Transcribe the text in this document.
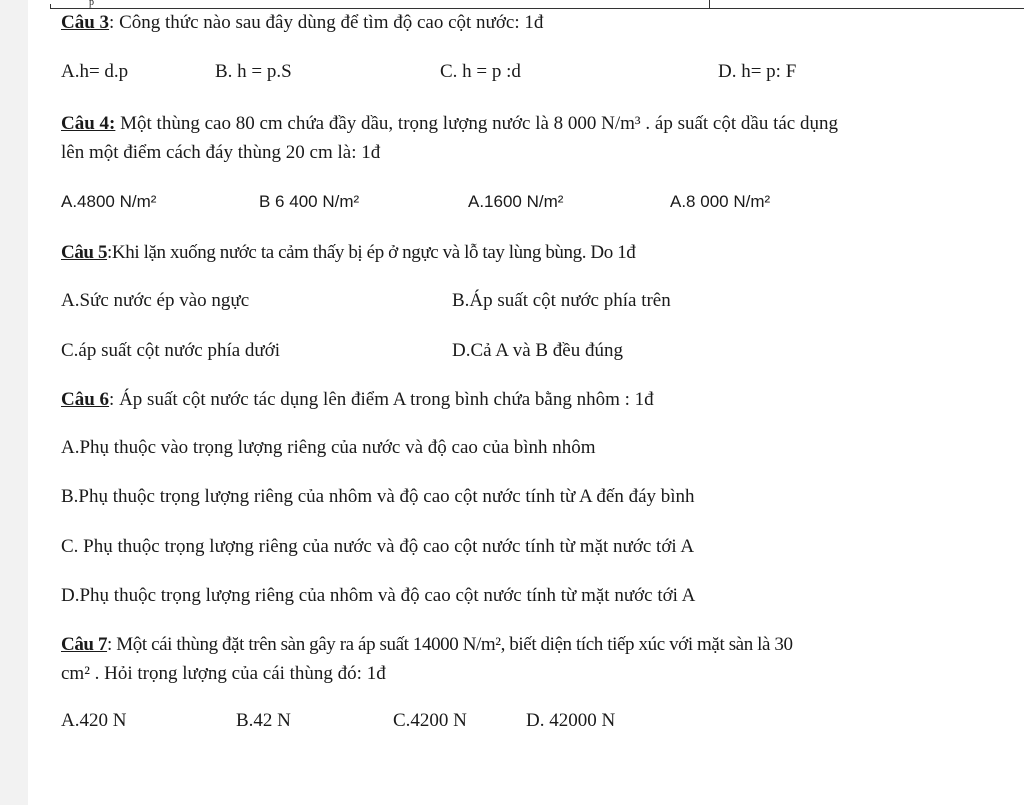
p
Câu 3: Công thức nào sau đây dùng để tìm độ cao cột nước: 1đ
A.h= d.p	B. h = p.S	C. h = p :d	D. h= p: F
Câu 4: Một thùng cao 80 cm chứa đầy dầu, trọng lượng nước là 8 000 N/m³ . áp suất cột dầu tác dụng
lên một điểm cách đáy thùng 20 cm là: 1đ
A.4800 N/m²	B 6 400 N/m²	A.1600 N/m²	A.8 000 N/m²
Câu 5:Khi lặn xuống nước ta cảm thấy bị ép ở ngực và lỗ tay lùng bùng. Do 1đ
A.Sức nước ép vào ngực	B.Áp suất cột nước phía trên
C.áp suất cột nước phía dưới	D.Cả A và B đều đúng
Câu 6: Áp suất cột nước tác dụng lên điểm A trong bình chứa bằng nhôm : 1đ
A.Phụ thuộc vào trọng lượng riêng của nước và độ cao của bình nhôm
B.Phụ thuộc trọng lượng riêng của nhôm và độ cao cột nước tính từ A đến đáy bình
C. Phụ thuộc trọng lượng riêng của nước và độ cao cột nước tính từ mặt nước tới A
D.Phụ thuộc trọng lượng riêng của nhôm và độ cao cột nước tính từ mặt nước tới A
Câu 7: Một cái thùng đặt trên sàn gây ra áp suất 14000 N/m², biết diện tích tiếp xúc với mặt sàn là 30
cm² . Hỏi trọng lượng của cái thùng đó: 1đ
A.420 N	B.42 N	C.4200 N	D. 42000 N
